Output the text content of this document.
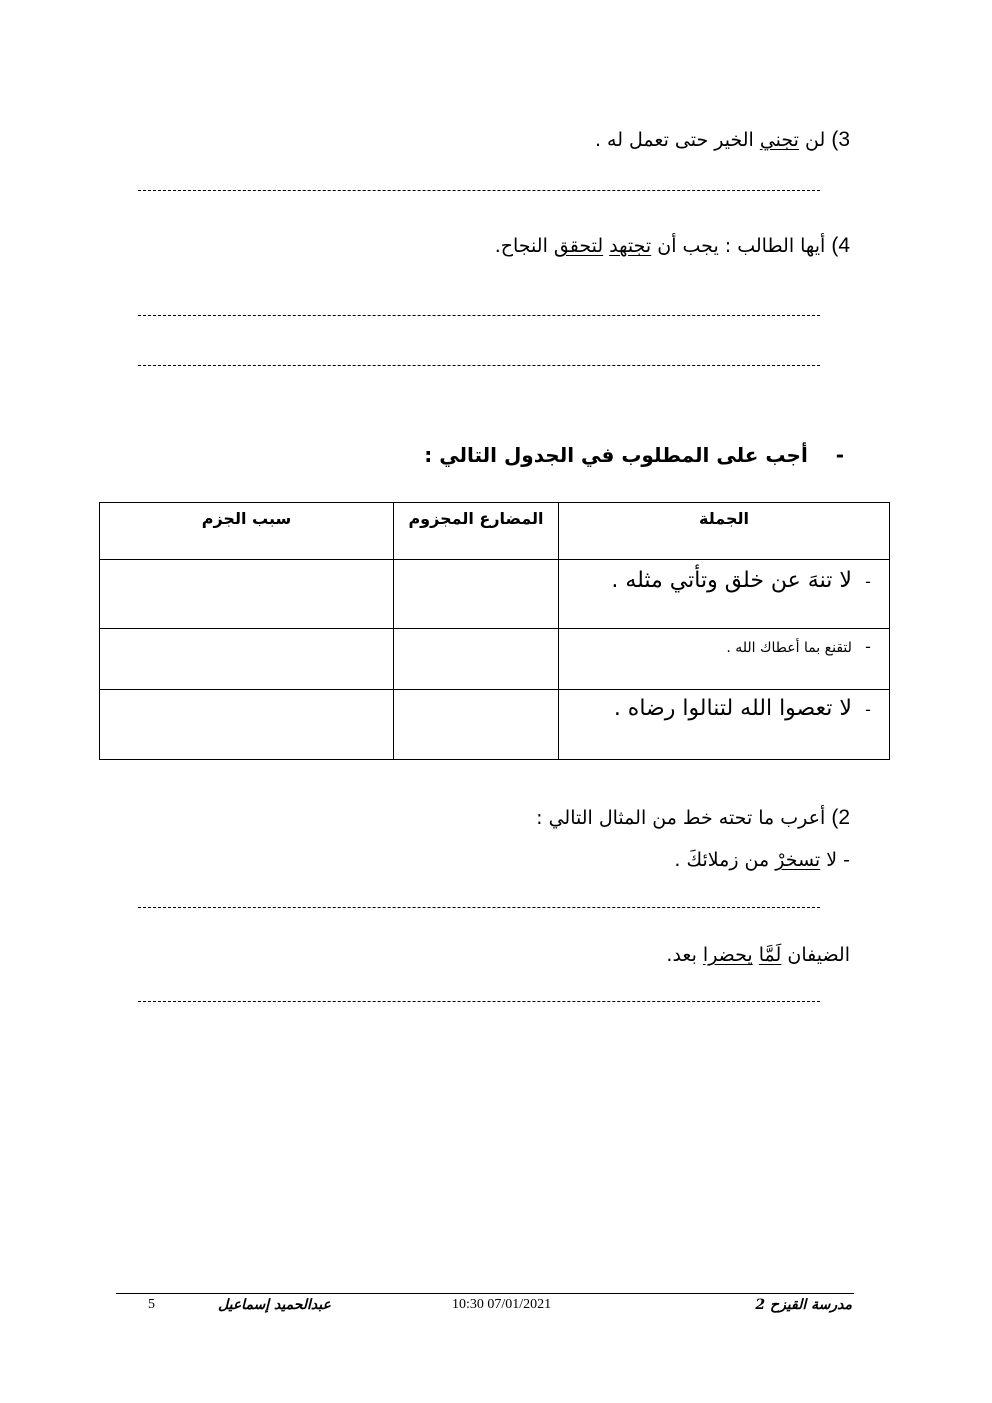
3) لن تجني الخير حتى تعمل له .
4) أيها الطالب : يجب أن تجتهد لتحقق النجاح.
-    أجب على المطلوب في الجدول التالي :
الجملة	المضارع المجزوم	سبب الجزم
- لا تنهَ عن خلق وتأتي مثله .		
- لتقنع بما أعطاك الله .		
- لا تعصوا الله لتنالوا رضاه .		
2) أعرب ما تحته خط من المثال التالي :
- لا تسخرْ من زملائكَ .
الضيفان لَمَّا يحضرا بعد.
5	عبدالحميد إسماعيل	10:30 07/01/2021	مدرسة القيزح 2
